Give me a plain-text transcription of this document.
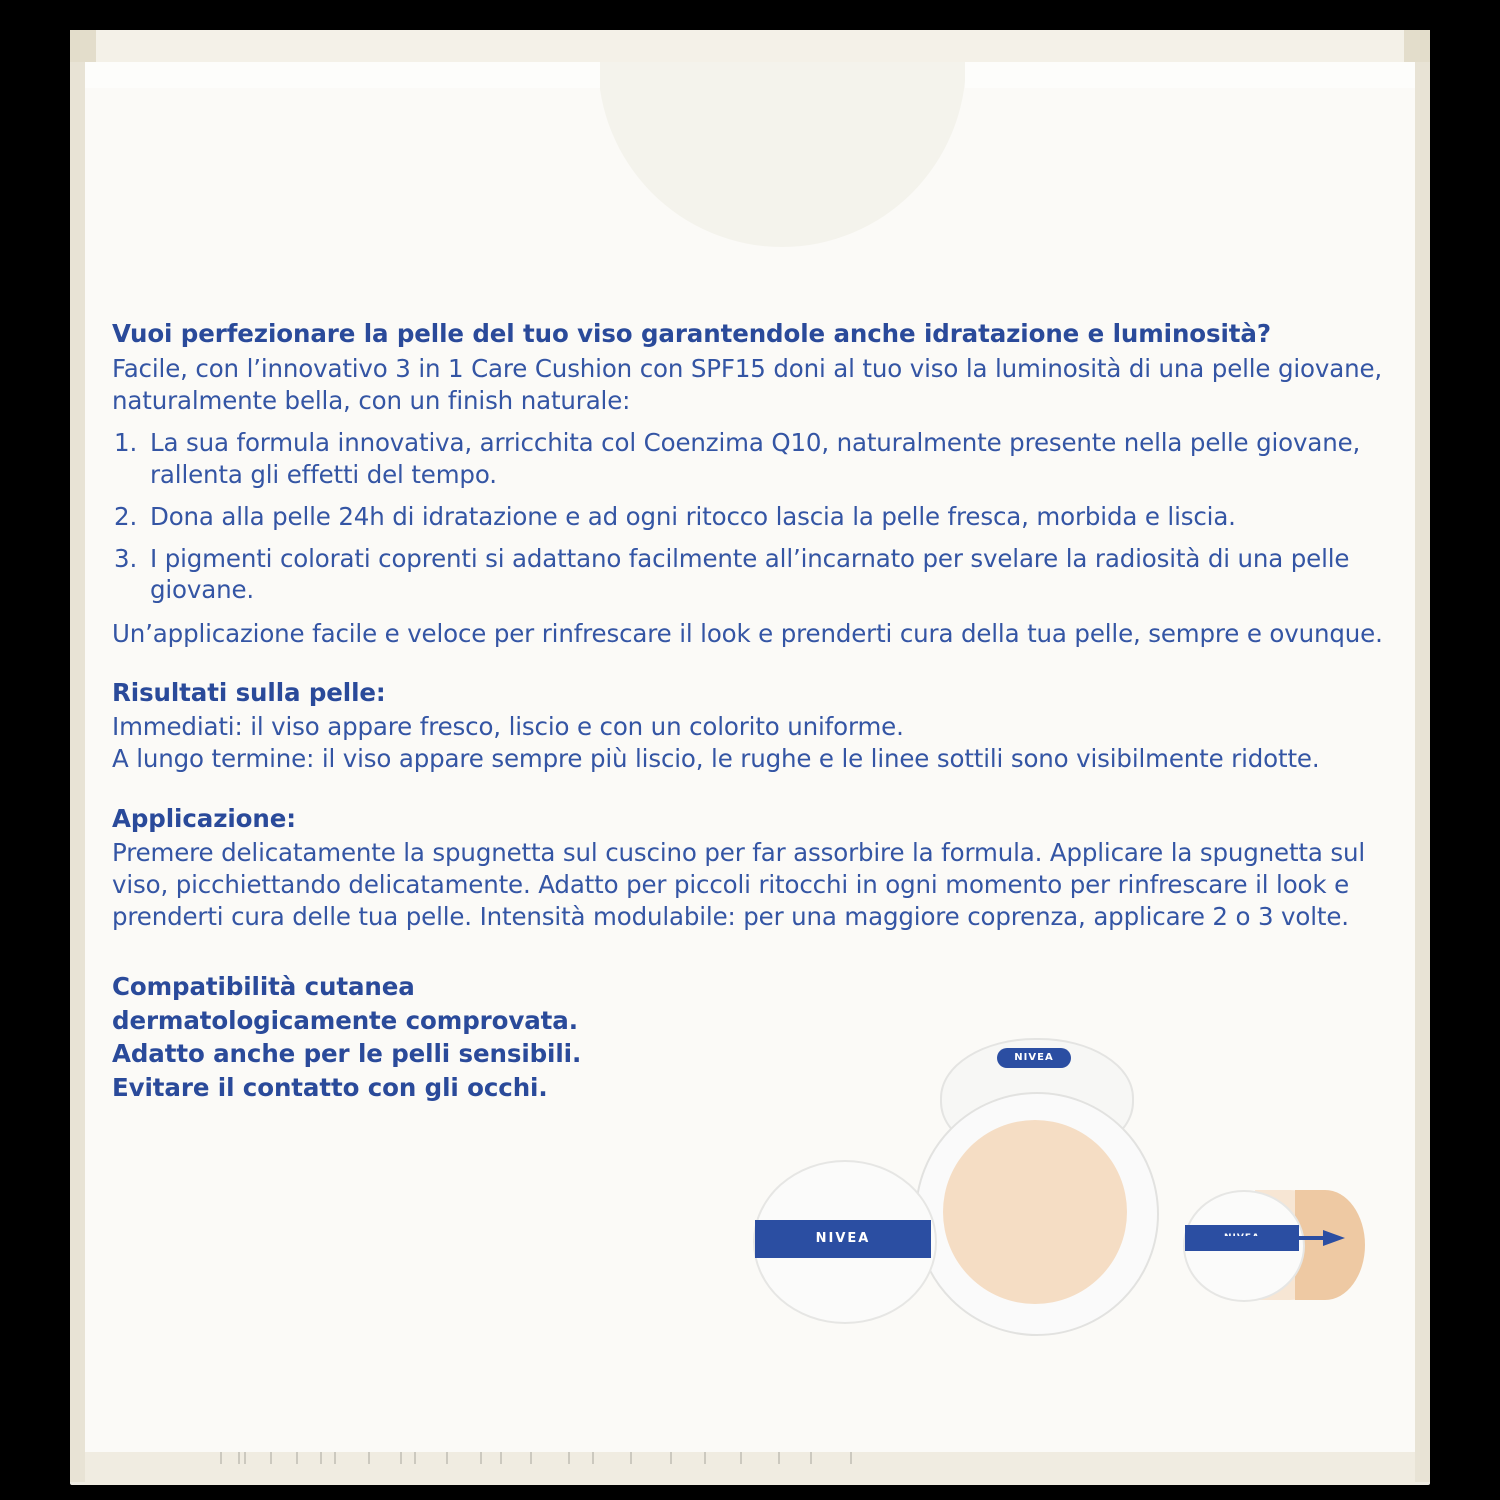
Vuoi perfezionare la pelle del tuo viso garantendole anche idratazione e luminosità?

Facile, con l’innovativo 3 in 1 Care Cushion con SPF15 doni al tuo viso la luminosità di una pelle giovane, naturalmente bella, con un finish naturale:

1. La sua formula innovativa, arricchita col Coenzima Q10, naturalmente presente nella pelle giovane, rallenta gli effetti del tempo.
2. Dona alla pelle 24h di idratazione e ad ogni ritocco lascia la pelle fresca, morbida e liscia.
3. I pigmenti colorati coprenti si adattano facilmente all’incarnato per svelare la radiosità di una pelle giovane.

Un’applicazione facile e veloce per rinfrescare il look e prenderti cura della tua pelle, sempre e ovunque.

Risultati sulla pelle:

Immediati: il viso appare fresco, liscio e con un colorito uniforme.

A lungo termine: il viso appare sempre più liscio, le rughe e le linee sottili sono visibilmente ridotte.

Applicazione:

Premere delicatamente la spugnetta sul cuscino per far assorbire la formula. Applicare la spugnetta sul viso, picchiettando delicatamente. Adatto per piccoli ritocchi in ogni momento per rinfrescare il look e prenderti cura delle tua pelle. Intensità modulabile: per una maggiore coprenza, applicare 2 o 3 volte.

Compatibilità cutanea
dermatologicamente comprovata.
Adatto anche per le pelli sensibili.
Evitare il contatto con gli occhi.
NIVEA
NIVEA
